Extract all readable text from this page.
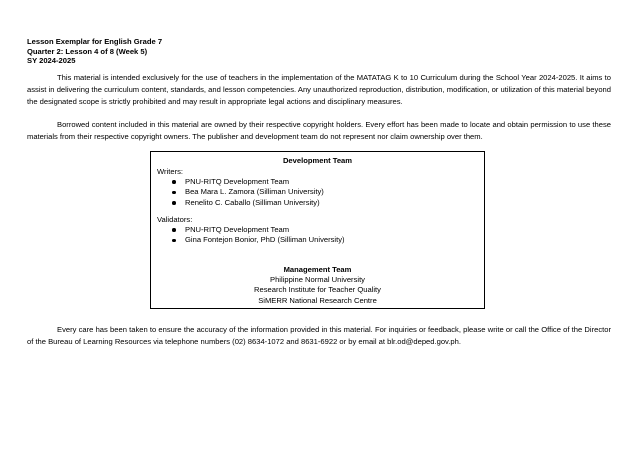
Lesson Exemplar for English Grade 7
Quarter 2: Lesson 4 of 8 (Week 5)
SY 2024-2025

This material is intended exclusively for the use of teachers in the implementation of the MATATAG K to 10 Curriculum during the School Year 2024-2025. It aims to assist in delivering the curriculum content, standards, and lesson competencies. Any unauthorized reproduction, distribution, modification, or utilization of this material beyond the designated scope is strictly prohibited and may result in appropriate legal actions and disciplinary measures.

Borrowed content included in this material are owned by their respective copyright holders. Every effort has been made to locate and obtain permission to use these materials from their respective copyright owners. The publisher and development team do not represent nor claim ownership over them.

Development Team
Writers:
PNU-RITQ Development Team
Bea Mara L. Zamora (Silliman University)
Renelito C. Caballo (Silliman University)
Validators:
PNU-RITQ Development Team
Gina Fontejon Bonior, PhD (Silliman University)
Management Team
Philippine Normal University
Research Institute for Teacher Quality
SiMERR National Research Centre

Every care has been taken to ensure the accuracy of the information provided in this material. For inquiries or feedback, please write or call the Office of the Director of the Bureau of Learning Resources via telephone numbers (02) 8634-1072 and 8631-6922 or by email at blr.od@deped.gov.ph.
